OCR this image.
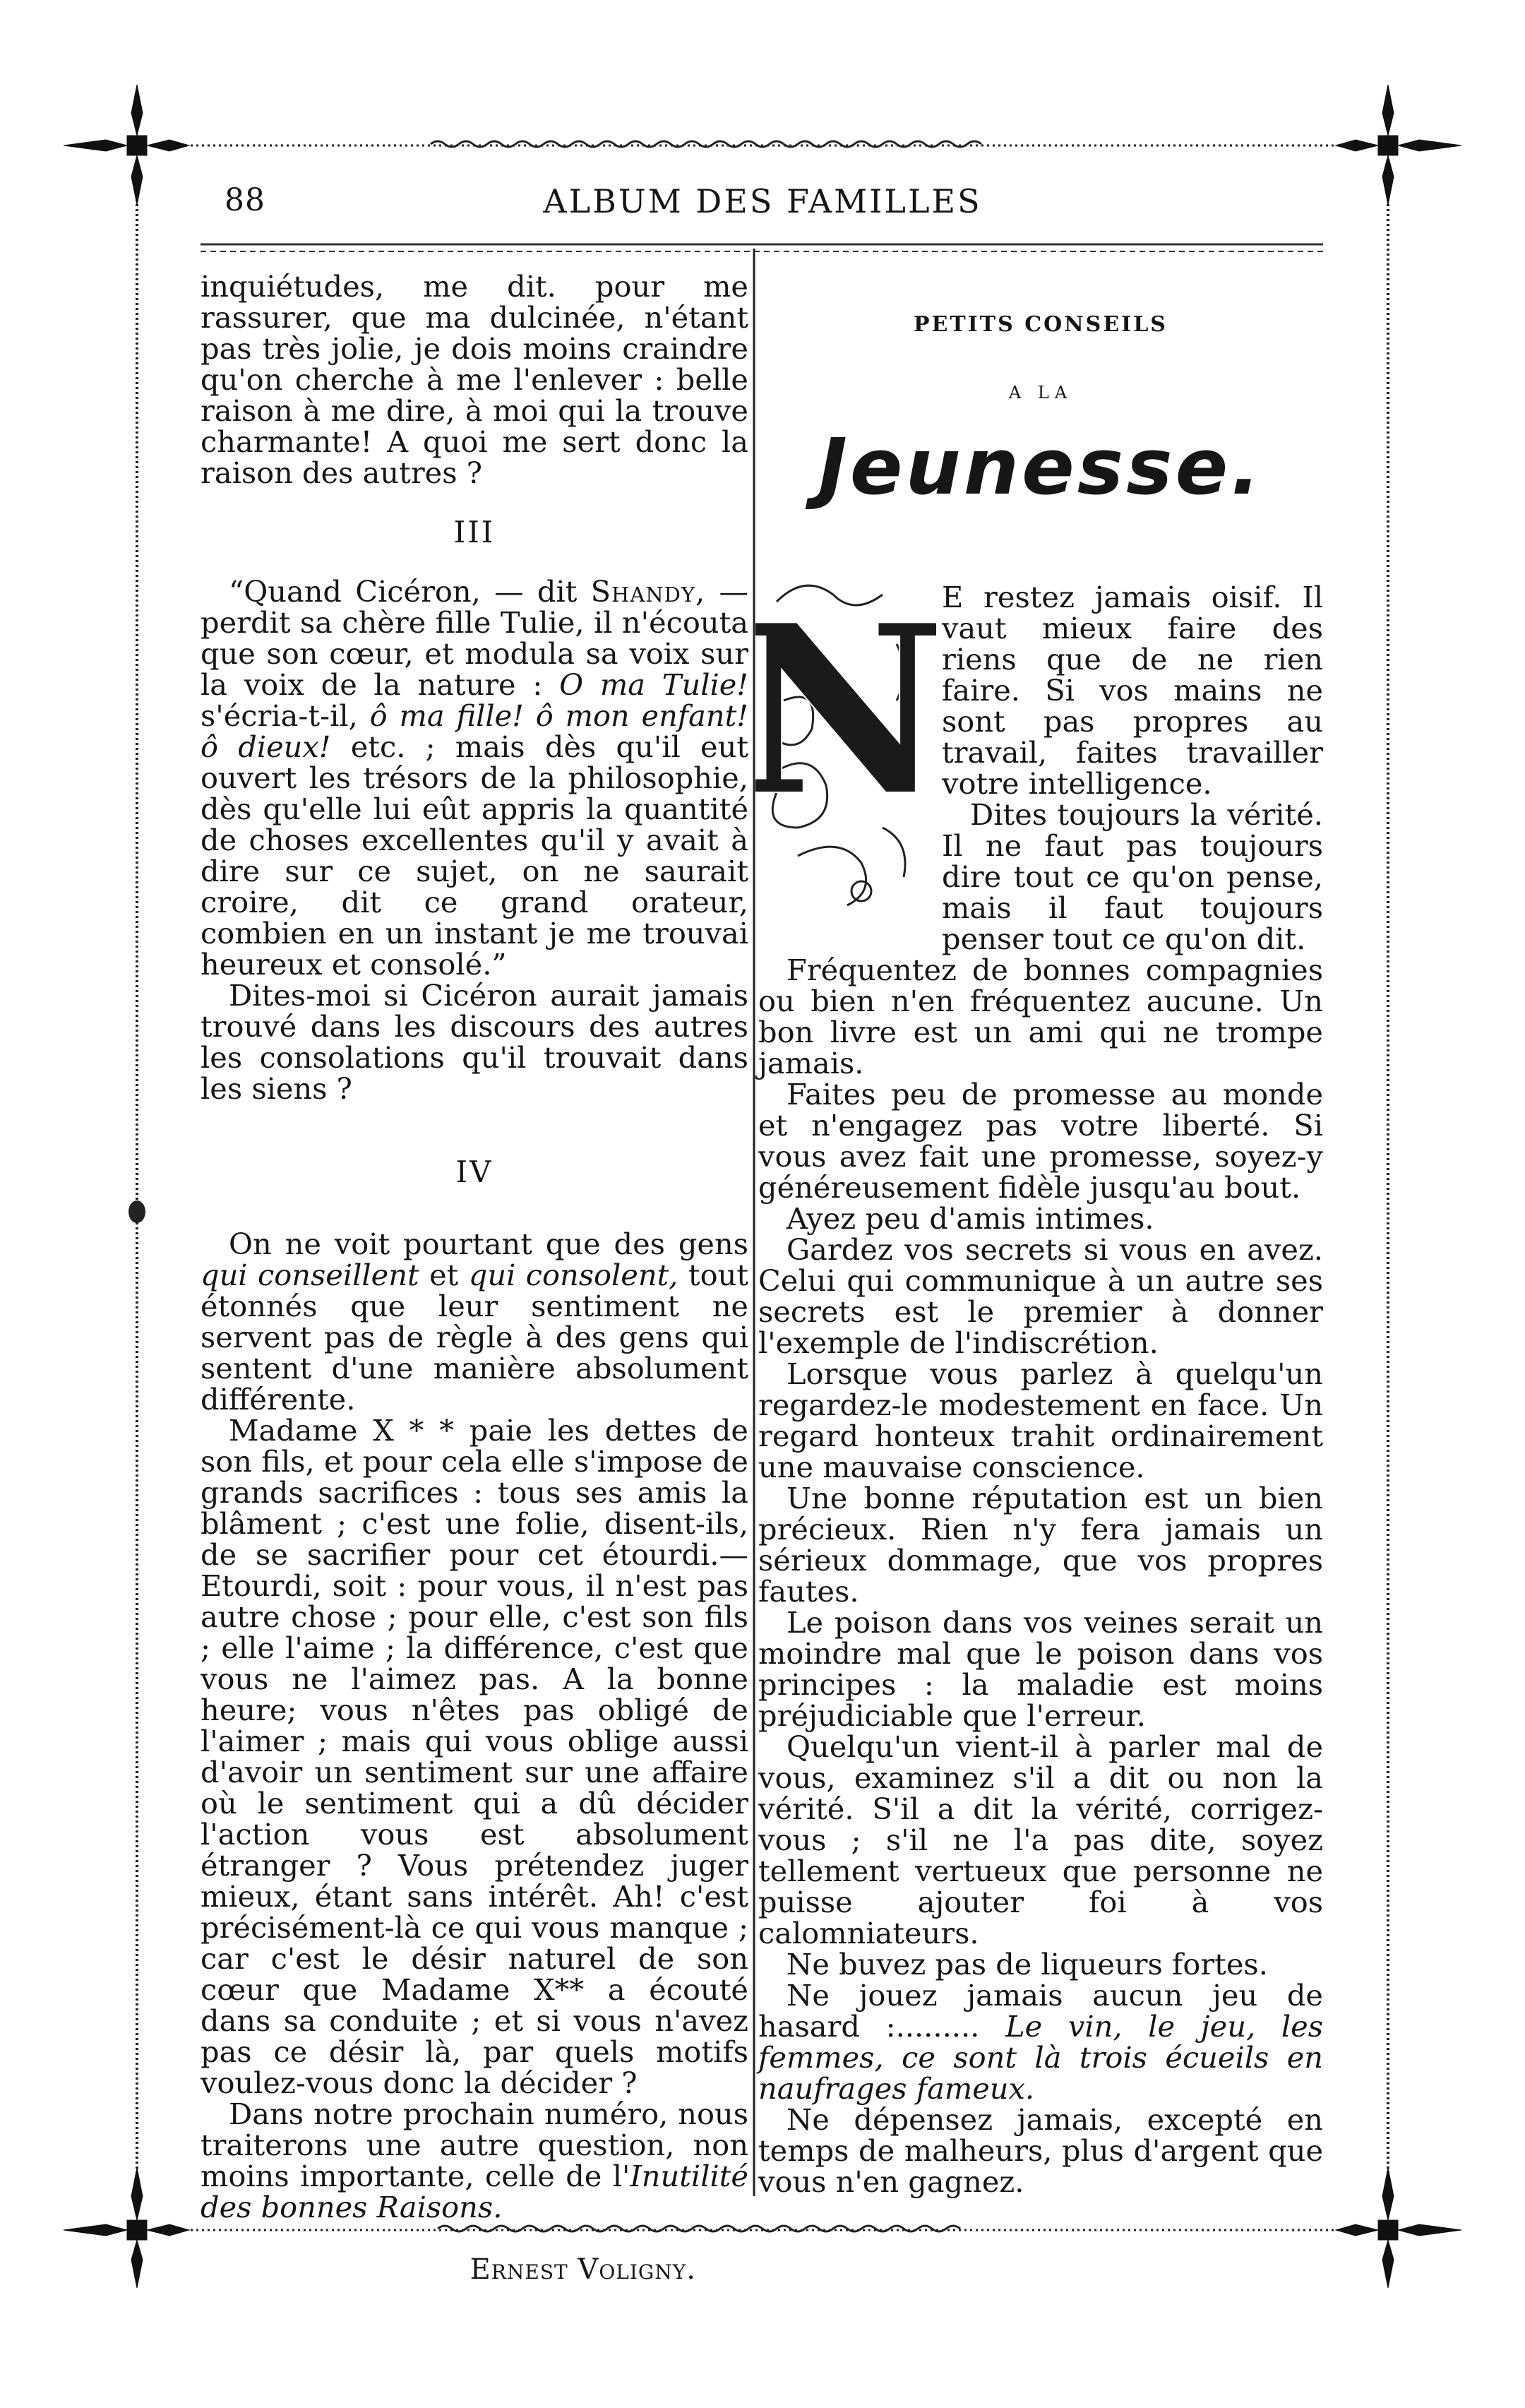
88	ALBUM DES FAMILLES

inquiétudes, me dit. pour me rassurer, que ma dulcinée, n'étant pas très jolie, je dois moins craindre qu'on cherche à me l'enlever : belle raison à me dire, à moi qui la trouve charmante! A quoi me sert donc la raison des autres ?

III

“Quand Cicéron, — dit Shandy, — perdit sa chère fille Tulie, il n'écouta que son cœur, et modula sa voix sur la voix de la nature : O ma Tulie! s'écria-t-il, ô ma fille! ô mon enfant! ô dieux! etc. ; mais dès qu'il eut ouvert les trésors de la philosophie, dès qu'elle lui eût appris la quantité de choses excellentes qu'il y avait à dire sur ce sujet, on ne saurait croire, dit ce grand orateur, combien en un instant je me trouvai heureux et consolé.”

Dites-moi si Cicéron aurait jamais trouvé dans les discours des autres les consolations qu'il trouvait dans les siens ?

IV

On ne voit pourtant que des gens qui conseillent et qui consolent, tout étonnés que leur sentiment ne servent pas de règle à des gens qui sentent d'une manière absolument différente.

Madame X * * paie les dettes de son fils, et pour cela elle s'impose de grands sacrifices : tous ses amis la blâment ; c'est une folie, disent-ils, de se sacrifier pour cet étourdi.— Etourdi, soit : pour vous, il n'est pas autre chose ; pour elle, c'est son fils ; elle l'aime ; la différence, c'est que vous ne l'aimez pas. A la bonne heure; vous n'êtes pas obligé de l'aimer ; mais qui vous oblige aussi d'avoir un sentiment sur une affaire où le sentiment qui a dû décider l'action vous est absolument étranger ? Vous prétendez juger mieux, étant sans intérêt. Ah! c'est précisément-là ce qui vous manque ; car c'est le désir naturel de son cœur que Madame X** a écouté dans sa conduite ; et si vous n'avez pas ce désir là, par quels motifs voulez-vous donc la décider ?

Dans notre prochain numéro, nous traiterons une autre question, non moins importante, celle de l'Inutilité des bonnes Raisons.

Ernest Voligny.
PETITS CONSEILS
A LA
Jeunesse.
N

E restez jamais oisif. Il vaut mieux faire des riens que de ne rien faire. Si vos mains ne sont pas propres au travail, faites travailler votre intelligence.

Dites toujours la vérité. Il ne faut pas toujours dire tout ce qu'on pense, mais il faut toujours penser tout ce qu'on dit.

Fréquentez de bonnes compagnies ou bien n'en fréquentez aucune. Un bon livre est un ami qui ne trompe jamais.

Faites peu de promesse au monde et n'engagez pas votre liberté. Si vous avez fait une promesse, soyez-y généreusement fidèle jusqu'au bout.

Ayez peu d'amis intimes.

Gardez vos secrets si vous en avez. Celui qui communique à un autre ses secrets est le premier à donner l'exemple de l'indiscrétion.

Lorsque vous parlez à quelqu'un regardez-le modestement en face. Un regard honteux trahit ordinairement une mauvaise conscience.

Une bonne réputation est un bien précieux. Rien n'y fera jamais un sérieux dommage, que vos propres fautes.

Le poison dans vos veines serait un moindre mal que le poison dans vos principes : la maladie est moins préjudiciable que l'erreur.

Quelqu'un vient-il à parler mal de vous, examinez s'il a dit ou non la vérité. S'il a dit la vérité, corrigez-vous ; s'il ne l'a pas dite, soyez tellement vertueux que personne ne puisse ajouter foi à vos calomniateurs.

Ne buvez pas de liqueurs fortes.

Ne jouez jamais aucun jeu de hasard :......... Le vin, le jeu, les femmes, ce sont là trois écueils en naufrages fameux.

Ne dépensez jamais, excepté en temps de malheurs, plus d'argent que vous n'en gagnez.
